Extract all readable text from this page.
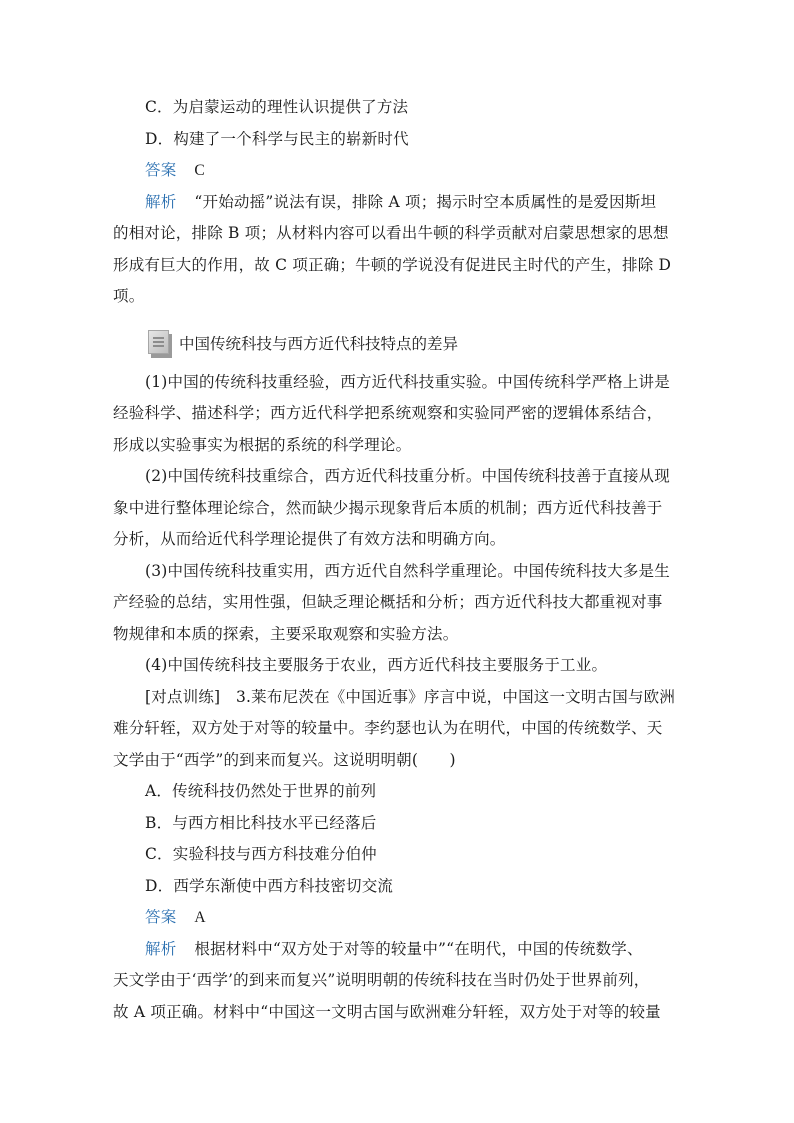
C．为启蒙运动的理性认识提供了方法
D．构建了一个科学与民主的崭新时代
答案 C
解析 “开始动摇”说法有误，排除 A 项；揭示时空本质属性的是爱因斯坦
的相对论，排除 B 项；从材料内容可以看出牛顿的科学贡献对启蒙思想家的思想
形成有巨大的作用，故 C 项正确；牛顿的学说没有促进民主时代的产生，排除 D
项。
中国传统科技与西方近代科技特点的差异
(1)中国的传统科技重经验，西方近代科技重实验。中国传统科学严格上讲是
经验科学、描述科学；西方近代科学把系统观察和实验同严密的逻辑体系结合，
形成以实验事实为根据的系统的科学理论。
(2)中国传统科技重综合，西方近代科技重分析。中国传统科技善于直接从现
象中进行整体理论综合，然而缺少揭示现象背后本质的机制；西方近代科技善于
分析，从而给近代科学理论提供了有效方法和明确方向。
(3)中国传统科技重实用，西方近代自然科学重理论。中国传统科技大多是生
产经验的总结，实用性强，但缺乏理论概括和分析；西方近代科技大都重视对事
物规律和本质的探索，主要采取观察和实验方法。
(4)中国传统科技主要服务于农业，西方近代科技主要服务于工业。
[对点训练]　3.莱布尼茨在《中国近事》序言中说，中国这一文明古国与欧洲
难分轩轾，双方处于对等的较量中。李约瑟也认为在明代，中国的传统数学、天
文学由于“西学”的到来而复兴。这说明明朝(　　)
A．传统科技仍然处于世界的前列
B．与西方相比科技水平已经落后
C．实验科技与西方科技难分伯仲
D．西学东渐使中西方科技密切交流
答案 A
解析 根据材料中“双方处于对等的较量中”“在明代，中国的传统数学、
天文学由于‘西学’的到来而复兴”说明明朝的传统科技在当时仍处于世界前列，
故 A 项正确。材料中“中国这一文明古国与欧洲难分轩轾，双方处于对等的较量
